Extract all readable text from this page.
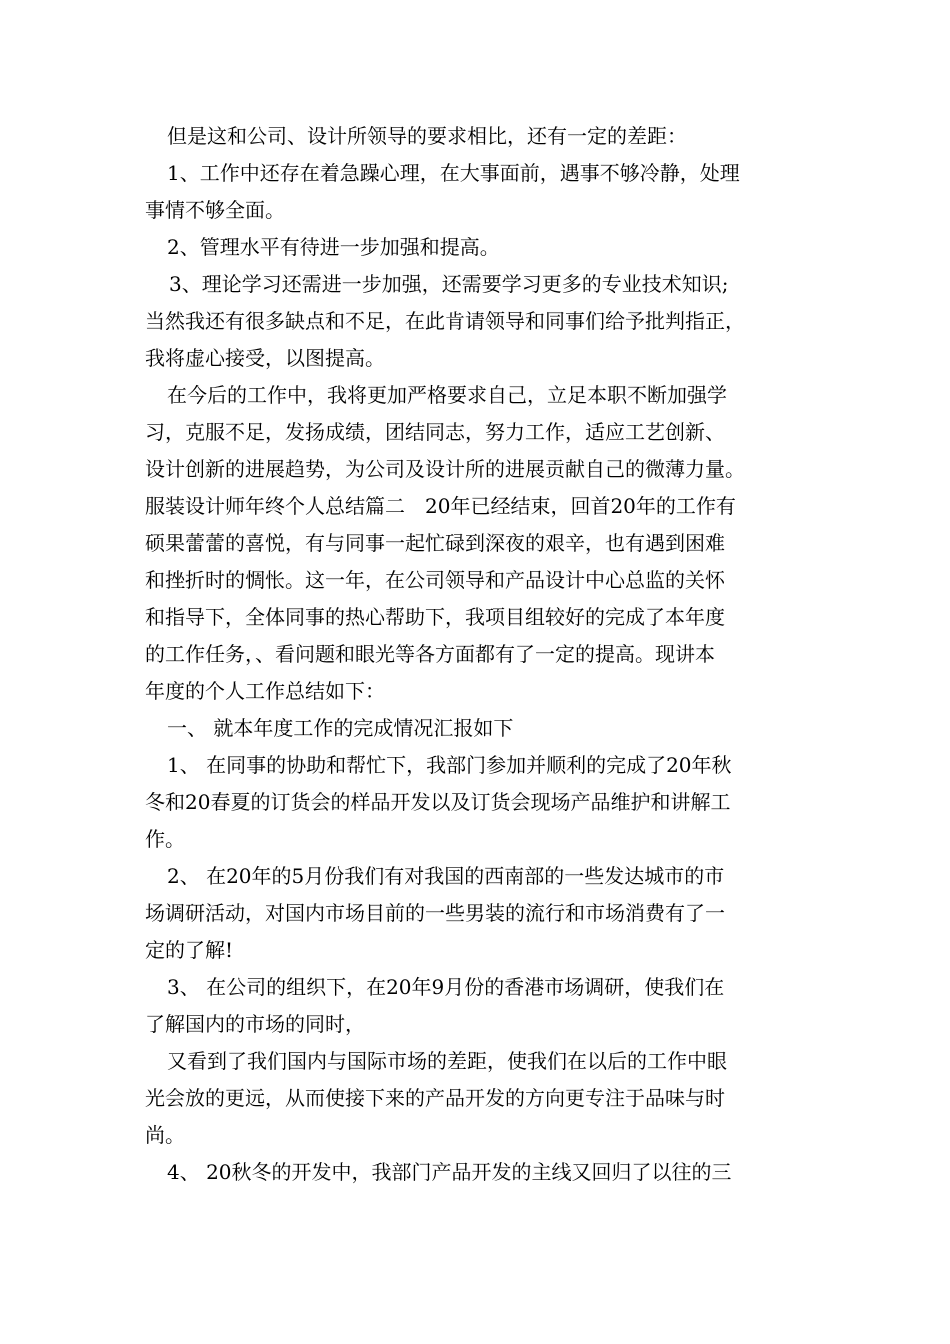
但是这和公司、设计所领导的要求相比，还有一定的差距：
1、工作中还存在着急躁心理，在大事面前，遇事不够冷静，处理
事情不够全面。
2、管理水平有待进一步加强和提高。
3、理论学习还需进一步加强，还需要学习更多的专业技术知识;
当然我还有很多缺点和不足，在此肯请领导和同事们给予批判指正，
我将虚心接受，以图提高。
在今后的工作中，我将更加严格要求自己，立足本职不断加强学
习，克服不足，发扬成绩，团结同志，努力工作，适应工艺创新、
设计创新的进展趋势，为公司及设计所的进展贡献自己的微薄力量。
服装设计师年终个人总结篇二　20年已经结束，回首20年的工作有
硕果蕾蕾的喜悦，有与同事一起忙碌到深夜的艰辛，也有遇到困难
和挫折时的惆怅。这一年，在公司领导和产品设计中心总监的关怀
和指导下，全体同事的热心帮助下，我项目组较好的完成了本年度
的工作任务，、看问题和眼光等各方面都有了一定的提高。现讲本
年度的个人工作总结如下：
一、 就本年度工作的完成情况汇报如下
1、 在同事的协助和帮忙下，我部门参加并顺利的完成了20年秋
冬和20春夏的订货会的样品开发以及订货会现场产品维护和讲解工
作。
2、 在20年的5月份我们有对我国的西南部的一些发达城市的市
场调研活动，对国内市场目前的一些男装的流行和市场消费有了一
定的了解!
3、 在公司的组织下，在20年9月份的香港市场调研，使我们在
了解国内的市场的同时，
又看到了我们国内与国际市场的差距，使我们在以后的工作中眼
光会放的更远，从而使接下来的产品开发的方向更专注于品味与时
尚。
4、 20秋冬的开发中，我部门产品开发的主线又回归了以往的三
